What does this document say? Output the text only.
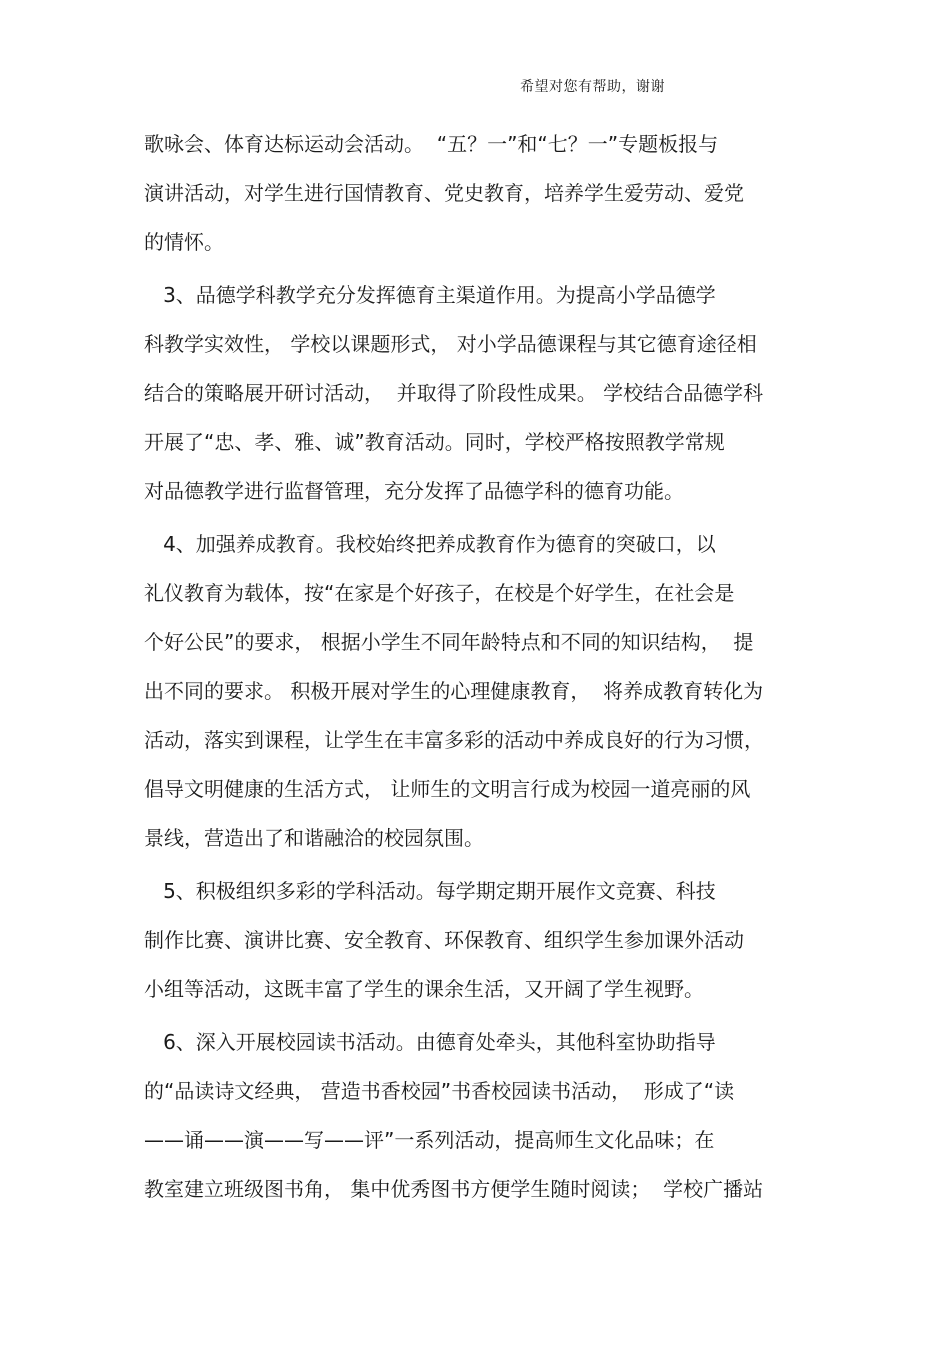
希望对您有帮助，谢谢
歌咏会、体育达标运动会活动。  “五？一”和“七？一”专题板报与
演讲活动，对学生进行国情教育、党史教育，培养学生爱劳动、爱党
的情怀。
3、品德学科教学充分发挥德育主渠道作用。为提高小学品德学
科教学实效性， 学校以课题形式， 对小学品德课程与其它德育途径相
结合的策略展开研讨活动，  并取得了阶段性成果。 学校结合品德学科
开展了“忠、孝、雅、诚”教育活动。同时，学校严格按照教学常规
对品德教学进行监督管理，充分发挥了品德学科的德育功能。
4、加强养成教育。我校始终把养成教育作为德育的突破口，以
礼仪教育为载体，按“在家是个好孩子，在校是个好学生，在社会是
个好公民”的要求， 根据小学生不同年龄特点和不同的知识结构，  提
出不同的要求。 积极开展对学生的心理健康教育，  将养成教育转化为
活动，落实到课程，让学生在丰富多彩的活动中养成良好的行为习惯，
倡导文明健康的生活方式， 让师生的文明言行成为校园一道亮丽的风
景线，营造出了和谐融洽的校园氛围。
5、积极组织多彩的学科活动。每学期定期开展作文竞赛、科技
制作比赛、演讲比赛、安全教育、环保教育、组织学生参加课外活动
小组等活动，这既丰富了学生的课余生活，又开阔了学生视野。
6、深入开展校园读书活动。由德育处牵头，其他科室协助指导
的“品读诗文经典， 营造书香校园”书香校园读书活动，  形成了“读
——诵——演——写——评”一系列活动，提高师生文化品味；在
教室建立班级图书角， 集中优秀图书方便学生随时阅读；  学校广播站
